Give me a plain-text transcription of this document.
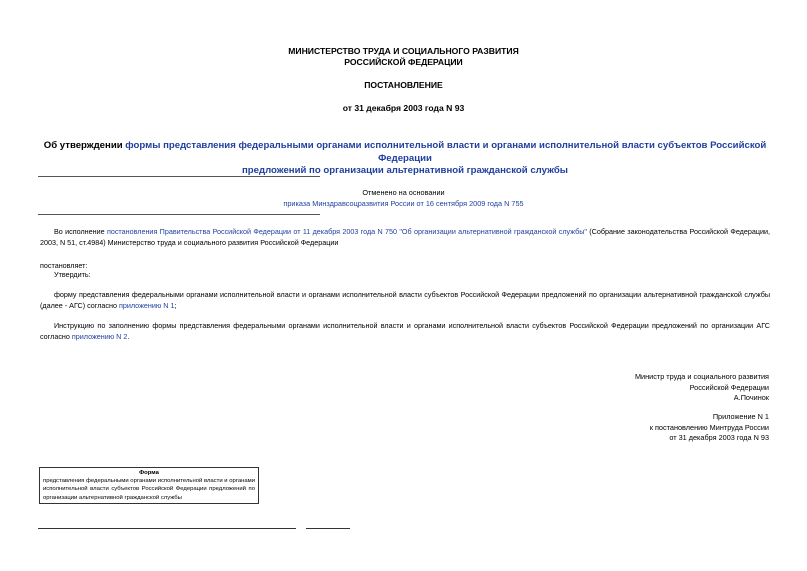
МИНИСТЕРСТВО ТРУДА И СОЦИАЛЬНОГО РАЗВИТИЯ
РОССИЙСКОЙ ФЕДЕРАЦИИ
ПОСТАНОВЛЕНИЕ
от 31 декабря 2003 года N 93
Об утверждении формы представления федеральными органами исполнительной власти и органами исполнительной власти субъектов Российской Федерации
предложений по организации альтернативной гражданской службы
Отменено на основании
приказа Минздравсоцразвития России от 16 сентября 2009 года N 755
Во исполнение постановления Правительства Российской Федерации от 11 декабря 2003 года N 750 "Об организации альтернативной гражданской службы" (Собрание законодательства Российской Федерации, 2003, N 51, ст.4984) Министерство труда и социального развития Российской Федерации
постановляет:
Утвердить:
форму представления федеральными органами исполнительной власти и органами исполнительной власти субъектов Российской Федерации предложений по организации альтернативной гражданской службы (далее - АГС) согласно приложению N 1;
Инструкцию по заполнению формы представления федеральными органами исполнительной власти и органами исполнительной власти субъектов Российской Федерации предложений по организации АГС согласно приложению N 2.
Министр труда и социального развития
Российской Федерации
А.Починок
Приложение N 1
к постановлению Минтруда России
от 31 декабря 2003 года N 93
Форма
представления федеральными органами исполнительной власти и органами исполнительной власти субъектов Российской Федерации предложений по организации альтернативной гражданской службы
